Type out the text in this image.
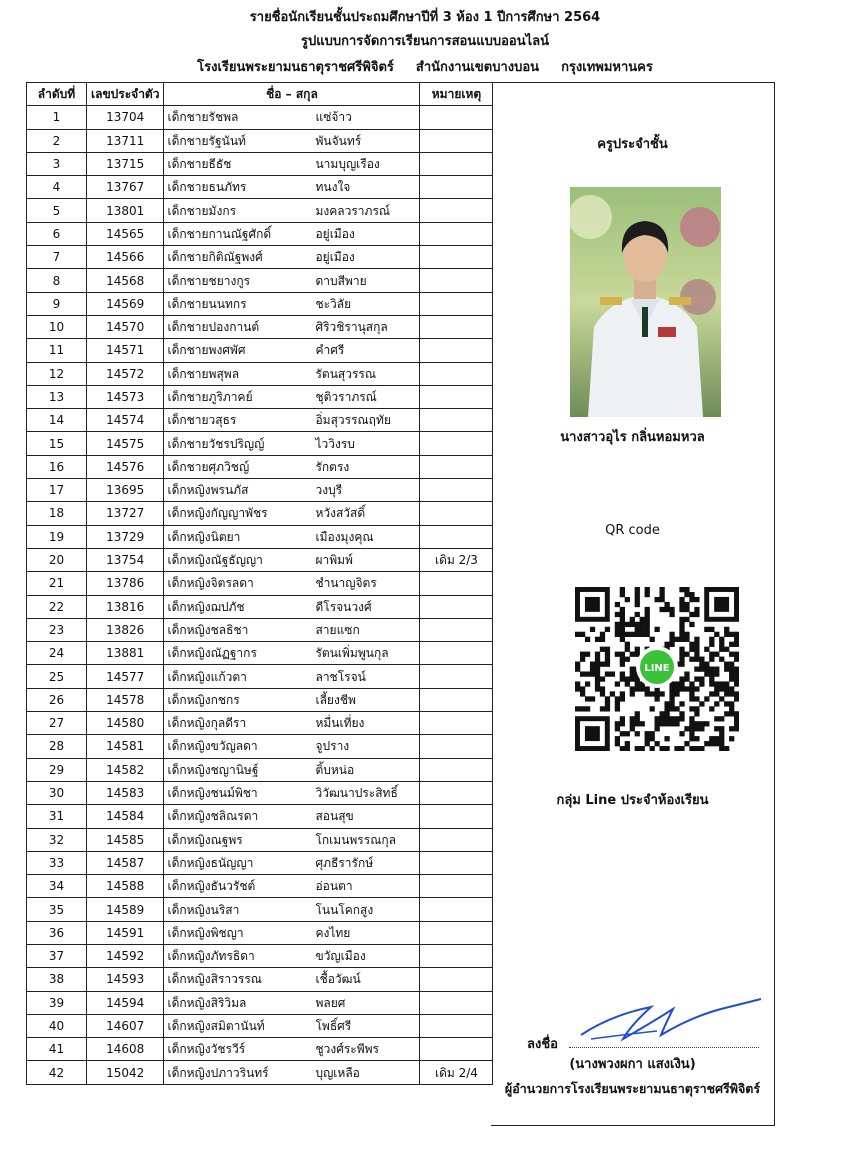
รายชื่อนักเรียนชั้นประถมศึกษาปีที่ 3 ห้อง 1 ปีการศึกษา 2564
รูปแบบการจัดการเรียนการสอนแบบออนไลน์
โรงเรียนพระยามนธาตุราชศรีพิจิตร์ สำนักงานเขตบางบอน กรุงเทพมหานคร
ลำดับที่	เลขประจำตัว	ชื่อ – สกุล	หมายเหตุ
1	13704	เด็กชายรัชพล แซ่จ้าว	

2	13711	เด็กชายรัฐนันท์ พันจันทร์	

3	13715	เด็กชายธีธัช นามบุญเรือง	

4	13767	เด็กชายธนภัทร ทนงใจ	

5	13801	เด็กชายมังกร มงคลวราภรณ์	

6	14565	เด็กชายกานณัฐศักดิ์ อยู่เมือง	

7	14566	เด็กชายกิติณัฐพงศ์ อยู่เมือง	

8	14568	เด็กชายชยางกูร ดาบสีพาย	

9	14569	เด็กชายนนทกร ชะวิลัย	

10	14570	เด็กชายปองกานต์ ศิริวชิรานุสกุล	

11	14571	เด็กชายพงศพัศ คำศรี	

12	14572	เด็กชายพสุพล รัตนสุวรรณ	

13	14573	เด็กชายภูริภาคย์ ชุติวราภรณ์	

14	14574	เด็กชายวสุธร อิ่มสุวรรณฤทัย	

15	14575	เด็กชายวัชรปริญญ์ ไววิงรบ	

16	14576	เด็กชายศุภวิชญ์ รักตรง	

17	13695	เด็กหญิงพรนภัส วงบุรี	

18	13727	เด็กหญิงกัญญาพัชร หวังสวัสดิ์	

19	13729	เด็กหญิงนิตยา เมืองมุงคุณ	

20	13754	เด็กหญิงณัฐธัญญา ผาพิมพ์	เดิม 2/3
21	13786	เด็กหญิงจิตรลดา ชำนาญจิตร	

22	13816	เด็กหญิงฌปภัช ดีโรจนวงศ์	

23	13826	เด็กหญิงชลธิชา สายแซก	

24	13881	เด็กหญิงณัฏฐากร รัตนเพิ่มพูนกุล	

25	14577	เด็กหญิงแก้วตา ลาชโรจน์	

26	14578	เด็กหญิงกชกร เลี้ยงชีพ	

27	14580	เด็กหญิงกุลดีรา หมื่นเที่ยง	

28	14581	เด็กหญิงขวัญลดา จูปราง	

29	14582	เด็กหญิงชญานิษฐ์ ติ้บหน่อ	

30	14583	เด็กหญิงชนม์พิชา วิวัฒนาประสิทธิ์	

31	14584	เด็กหญิงชลิณรดา สอนสุข	

32	14585	เด็กหญิงณฐพร โกเมนพรรณกุล	

33	14587	เด็กหญิงธนัญญา ศุภธีรารักษ์	

34	14588	เด็กหญิงธันวรัชต์ อ่อนตา	

35	14589	เด็กหญิงนริสา โนนโคกสูง	

36	14591	เด็กหญิงพิชญา คงไทย	

37	14592	เด็กหญิงภัทรธิดา ขวัญเมือง	

38	14593	เด็กหญิงสิราวรรณ เชื้อวัฒน์	

39	14594	เด็กหญิงสิริวิมล พลยศ	

40	14607	เด็กหญิงสมิตานันท์ โพธิ์ศรี	

41	14608	เด็กหญิงวัชรวีร์ ชูวงศ์ระพีพร	

42	15042	เด็กหญิงปภาวรินทร์ บุญเหลือ	เดิม 2/4
ครูประจำชั้น
นางสาวอุไร กลิ่นหอมหวล
QR code
LINE
กลุ่ม Line ประจำห้องเรียน
ลงชื่อ
(นางพวงผกา แสงเงิน)
ผู้อำนวยการโรงเรียนพระยามนธาตุราชศรีพิจิตร์
